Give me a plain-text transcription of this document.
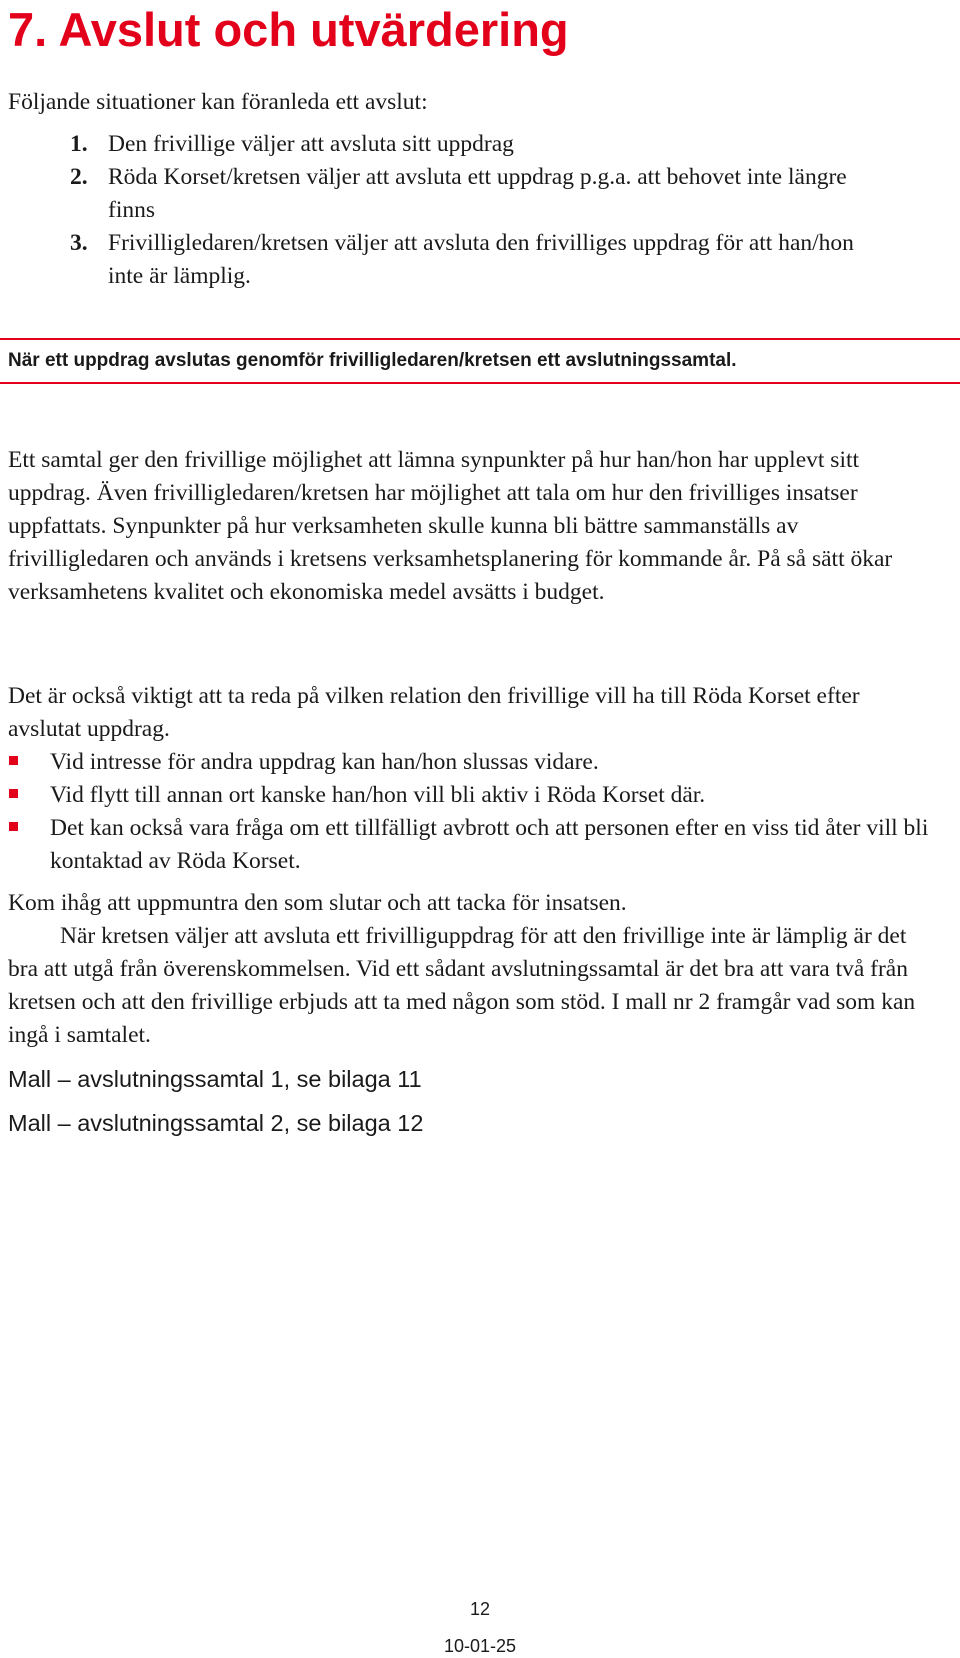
7. Avslut och utvärdering

Följande situationer kan föranleda ett avslut:

1. Den frivillige väljer att avsluta sitt uppdrag
2. Röda Korset/kretsen väljer att avsluta ett uppdrag p.g.a. att behovet inte längre finns
3. Frivilligledaren/kretsen väljer att avsluta den frivilliges uppdrag för att han/hon inte är lämplig.

När ett uppdrag avslutas genomför frivilligledaren/kretsen ett avslutningssamtal.

Ett samtal ger den frivillige möjlighet att lämna synpunkter på hur han/hon har upplevt sitt uppdrag. Även frivilligledaren/kretsen har möjlighet att tala om hur den frivilliges insatser uppfattats. Synpunkter på hur verksamheten skulle kunna bli bättre sammanställs av frivilligledaren och används i kretsens verksamhetsplanering för kommande år. På så sätt ökar verksamhetens kvalitet och ekonomiska medel avsätts i budget.

Det är också viktigt att ta reda på vilken relation den frivillige vill ha till Röda Korset efter avslutat uppdrag.

Vid intresse för andra uppdrag kan han/hon slussas vidare.
Vid flytt till annan ort kanske han/hon vill bli aktiv i Röda Korset där.
Det kan också vara fråga om ett tillfälligt avbrott och att personen efter en viss tid åter vill bli kontaktad av Röda Korset.

Kom ihåg att uppmuntra den som slutar och att tacka för insatsen.

När kretsen väljer att avsluta ett frivilliguppdrag för att den frivillige inte är lämplig är det bra att utgå från överenskommelsen. Vid ett sådant avslutningssamtal är det bra att vara två från kretsen och att den frivillige erbjuds att ta med någon som stöd. I mall nr 2 framgår vad som kan ingå i samtalet.

Mall – avslutningssamtal 1, se bilaga 11

Mall – avslutningssamtal 2, se bilaga 12

12

10-01-25
